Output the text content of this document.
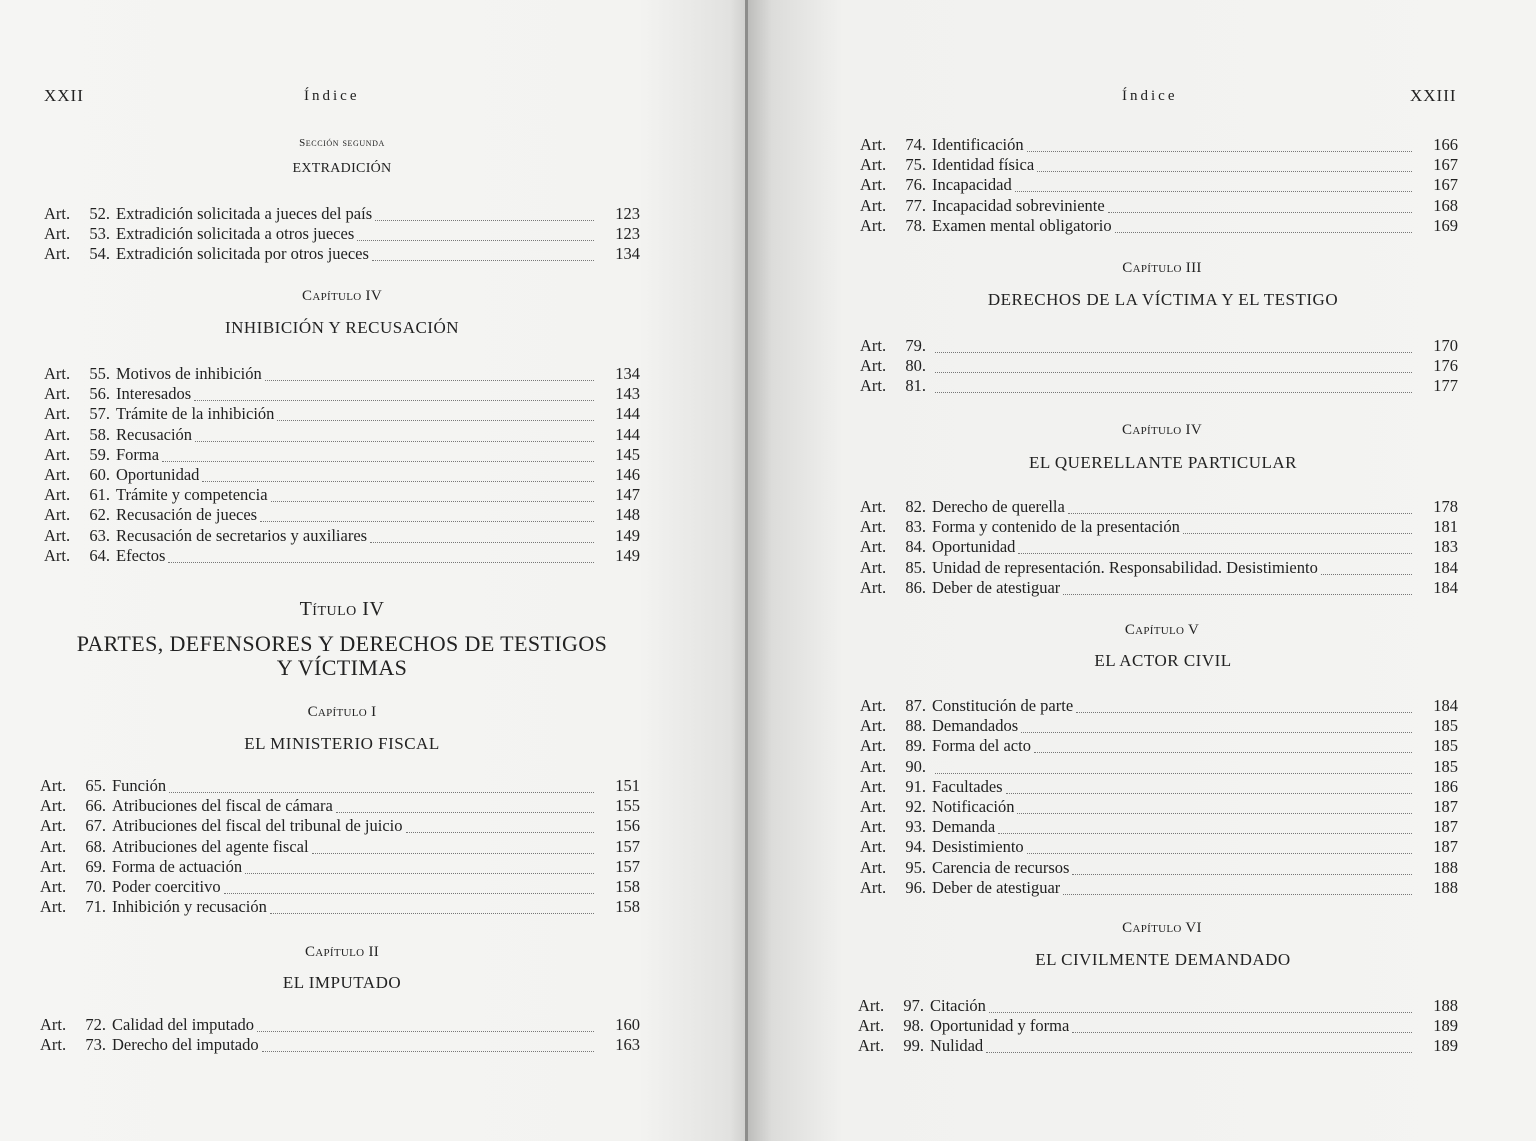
XXII	Índice
Sección segunda
EXTRADICIÓN
Art.	52. Extradición solicitada a jueces del país	123
Art.	53. Extradición solicitada a otros jueces	123
Art.	54. Extradición solicitada por otros jueces	134
Capítulo IV
INHIBICIÓN Y RECUSACIÓN
Art.	55. Motivos de inhibición	134
Art.	56. Interesados	143
Art.	57. Trámite de la inhibición	144
Art.	58. Recusación	144
Art.	59. Forma	145
Art.	60. Oportunidad	146
Art.	61. Trámite y competencia	147
Art.	62. Recusación de jueces	148
Art.	63. Recusación de secretarios y auxiliares	149
Art.	64. Efectos	149
Título IV
PARTES, DEFENSORES Y DERECHOS DE TESTIGOS
Y VÍCTIMAS
Capítulo I
EL MINISTERIO FISCAL
Art.	65. Función	151
Art.	66. Atribuciones del fiscal de cámara	155
Art.	67. Atribuciones del fiscal del tribunal de juicio	156
Art.	68. Atribuciones del agente fiscal	157
Art.	69. Forma de actuación	157
Art.	70. Poder coercitivo	158
Art.	71. Inhibición y recusación	158
Capítulo II
EL IMPUTADO
Art.	72. Calidad del imputado	160
Art.	73. Derecho del imputado	163
Índice	XXIII
Art.	74. Identificación	166
Art.	75. Identidad física	167
Art.	76. Incapacidad	167
Art.	77. Incapacidad sobreviniente	168
Art.	78. Examen mental obligatorio	169
Capítulo III
DERECHOS DE LA VÍCTIMA Y EL TESTIGO
Art.	79.	170
Art.	80.	176
Art.	81.	177
Capítulo IV
EL QUERELLANTE PARTICULAR
Art.	82. Derecho de querella	178
Art.	83. Forma y contenido de la presentación	181
Art.	84. Oportunidad	183
Art.	85. Unidad de representación. Responsabilidad. Desistimiento	184
Art.	86. Deber de atestiguar	184
Capítulo V
EL ACTOR CIVIL
Art.	87. Constitución de parte	184
Art.	88. Demandados	185
Art.	89. Forma del acto	185
Art.	90.	185
Art.	91. Facultades	186
Art.	92. Notificación	187
Art.	93. Demanda	187
Art.	94. Desistimiento	187
Art.	95. Carencia de recursos	188
Art.	96. Deber de atestiguar	188
Capítulo VI
EL CIVILMENTE DEMANDADO
Art.	97. Citación	188
Art.	98. Oportunidad y forma	189
Art.	99. Nulidad	189
